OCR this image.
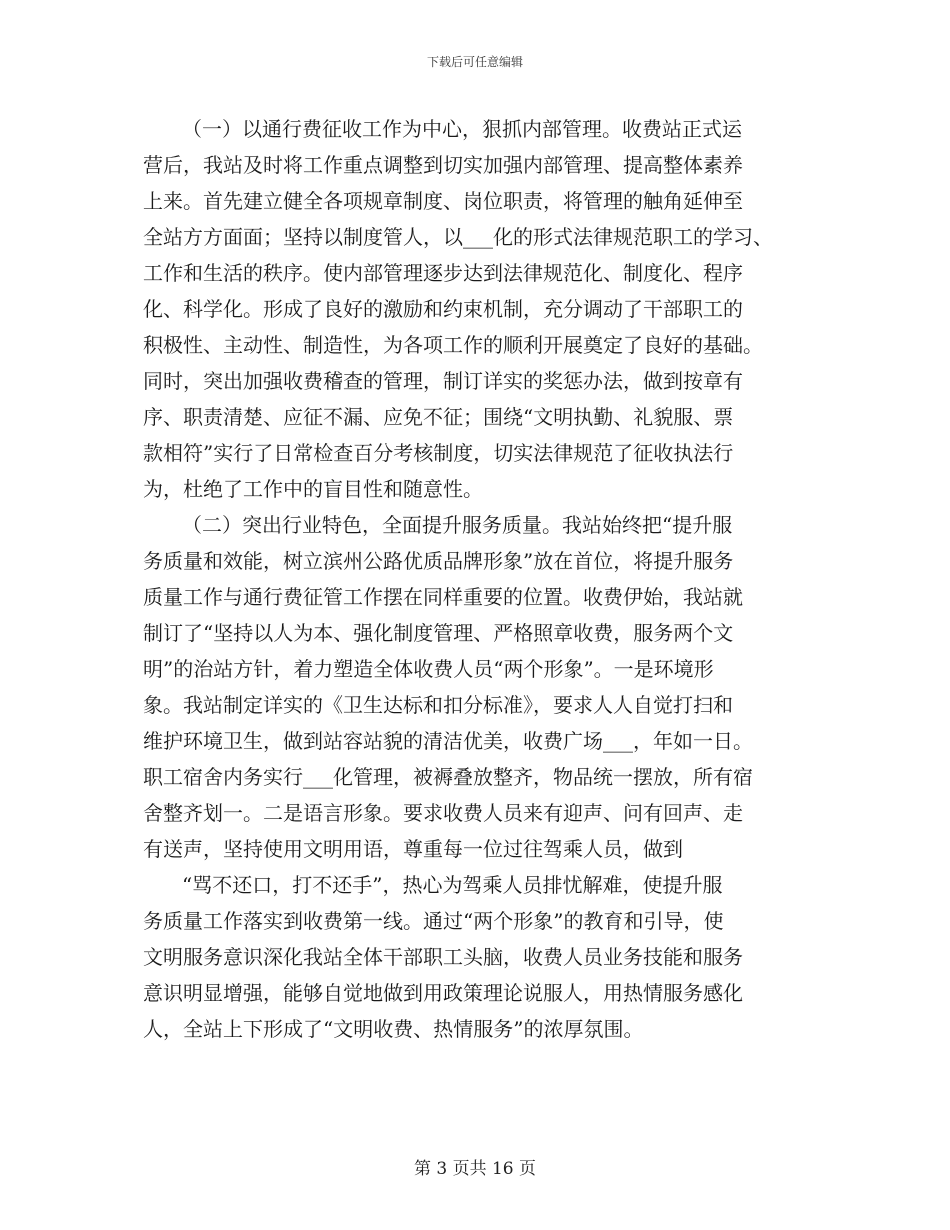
下载后可任意编辑
（一）以通行费征收工作为中心，狠抓内部管理。收费站正式运
营后，我站及时将工作重点调整到切实加强内部管理、提高整体素养
上来。首先建立健全各项规章制度、岗位职责，将管理的触角延伸至
全站方方面面；坚持以制度管人，以___化的形式法律规范职工的学习、
工作和生活的秩序。使内部管理逐步达到法律规范化、制度化、程序
化、科学化。形成了良好的激励和约束机制，充分调动了干部职工的
积极性、主动性、制造性，为各项工作的顺利开展奠定了良好的基础。
同时，突出加强收费稽查的管理，制订详实的奖惩办法，做到按章有
序、职责清楚、应征不漏、应免不征；围绕“文明执勤、礼貌服、票
款相符”实行了日常检查百分考核制度，切实法律规范了征收执法行
为，杜绝了工作中的盲目性和随意性。
（二）突出行业特色，全面提升服务质量。我站始终把“提升服
务质量和效能，树立滨州公路优质品牌形象”放在首位，将提升服务
质量工作与通行费征管工作摆在同样重要的位置。收费伊始，我站就
制订了“坚持以人为本、强化制度管理、严格照章收费，服务两个文
明”的治站方针，着力塑造全体收费人员“两个形象”。一是环境形
象。我站制定详实的《卫生达标和扣分标准》，要求人人自觉打扫和
维护环境卫生，做到站容站貌的清洁优美，收费广场___，年如一日。
职工宿舍内务实行___化管理，被褥叠放整齐，物品统一摆放，所有宿
舍整齐划一。二是语言形象。要求收费人员来有迎声、问有回声、走
有送声，坚持使用文明用语，尊重每一位过往驾乘人员，做到
“骂不还口，打不还手”，热心为驾乘人员排忧解难，使提升服
务质量工作落实到收费第一线。通过“两个形象”的教育和引导，使
文明服务意识深化我站全体干部职工头脑，收费人员业务技能和服务
意识明显增强，能够自觉地做到用政策理论说服人，用热情服务感化
人，全站上下形成了“文明收费、热情服务”的浓厚氛围。
第 3 页共 16 页
